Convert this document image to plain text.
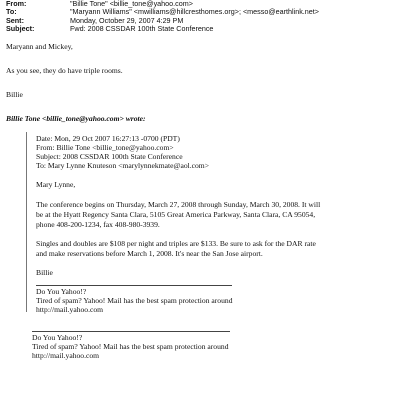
From:	"Billie Tone" <billie_tone@yahoo.com>
To:	"Maryann Williams" <mwilliams@hillcresthomes.org>; <messo@earthlink.net>
Sent:	Monday, October 29, 2007 4:29 PM
Subject:	Fwd: 2008 CSSDAR 100th State Conference
Maryann and Mickey,
As you see, they do have triple rooms.
Billie
Billie Tone <billie_tone@yahoo.com> wrote:
Date: Mon, 29 Oct 2007 16:27:13 -0700 (PDT)
From: Billie Tone <billie_tone@yahoo.com>
Subject: 2008 CSSDAR 100th State Conference
To: Mary Lynne Knuteson <marylynnekmate@aol.com>
Mary Lynne,
The conference begins on Thursday, March 27, 2008 through Sunday, March 30, 2008. It will
be at the Hyatt Regency Santa Clara, 5105 Great America Parkway, Santa Clara, CA 95054,
phone 408-200-1234, fax 408-980-3939.
Singles and doubles are $108 per night and triples are $133. Be sure to ask for the DAR rate
and make reservations before March 1, 2008. It's near the San Jose airport.
Billie
Do You Yahoo!?
Tired of spam? Yahoo! Mail has the best spam protection around
http://mail.yahoo.com
Do You Yahoo!?
Tired of spam? Yahoo! Mail has the best spam protection around
http://mail.yahoo.com
